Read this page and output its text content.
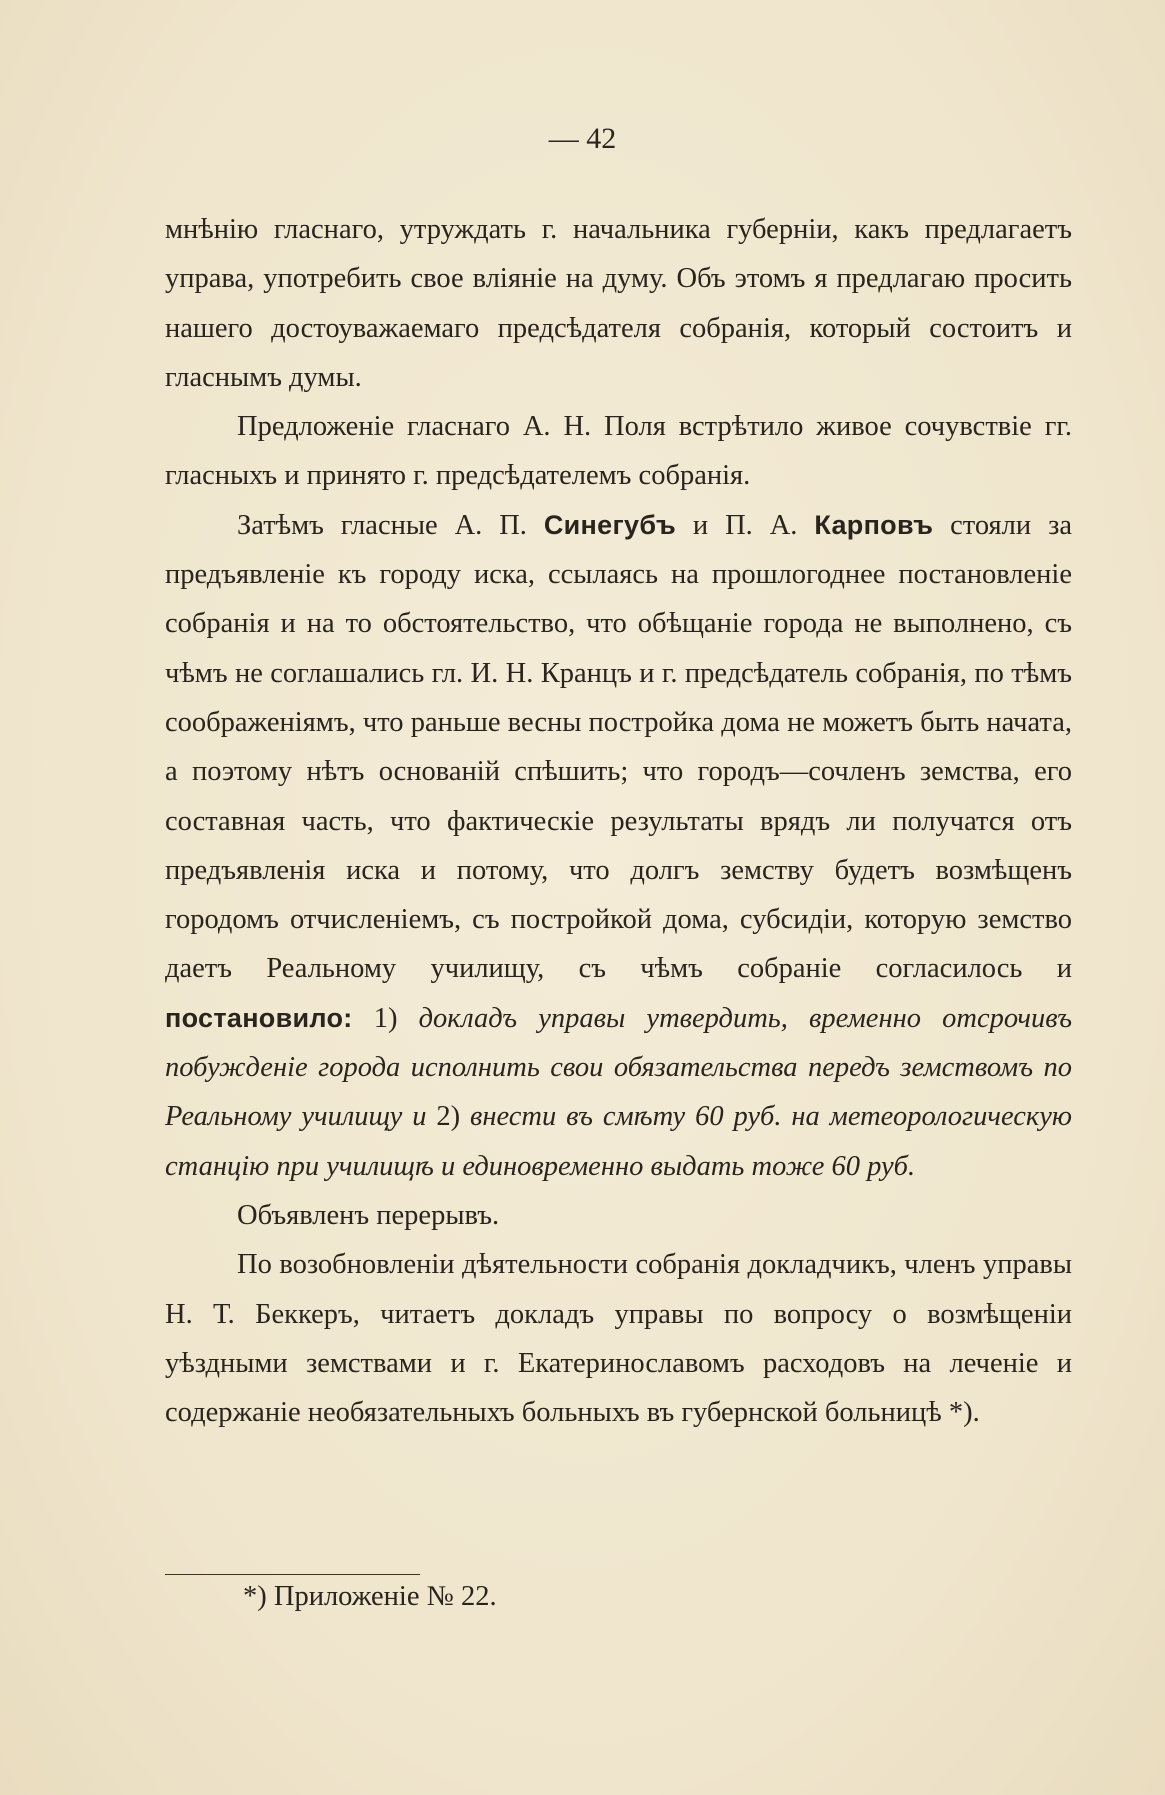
— 42

мнѣнію гласнаго, утруждать г. начальника губерніи, какъ предлагаетъ управа, употребить свое вліяніе на думу. Объ этомъ я предлагаю просить нашего достоуважаемаго предсѣдателя собранія, который состоитъ и гласнымъ думы.

Предложеніе гласнаго А. Н. Поля встрѣтило живое сочувствіе гг. гласныхъ и принято г. предсѣдателемъ собранія.

Затѣмъ гласные А. П. Синегубъ и П. А. Карповъ стояли за предъявленіе къ городу иска, ссылаясь на прошлогоднее постановленіе собранія и на то обстоятельство, что обѣщаніе города не выполнено, съ чѣмъ не соглашались гл. И. Н. Кранцъ и г. предсѣдатель собранія, по тѣмъ соображеніямъ, что раньше весны постройка дома не можетъ быть начата, а поэтому нѣтъ основаній спѣшить; что городъ—сочленъ земства, его составная часть, что фактическіе результаты врядъ ли получатся отъ предъявленія иска и потому, что долгъ земству будетъ возмѣщенъ городомъ отчисленіемъ, съ постройкой дома, субсидіи, которую земство даетъ Реальному училищу, съ чѣмъ собраніе согласилось и постановило: 1) докладъ управы утвердить, временно отсрочивъ побужденіе города исполнить свои обязательства передъ земствомъ по Реальному училищу и 2) внести въ смѣту 60 руб. на метеорологическую станцію при училищѣ и единовременно выдать тоже 60 руб.

Объявленъ перерывъ.

По возобновленіи дѣятельности собранія докладчикъ, членъ управы Н. Т. Беккеръ, читаетъ докладъ управы по вопросу о возмѣщеніи уѣздными земствами и г. Екатеринославомъ расходовъ на леченіе и содержаніе необязательныхъ больныхъ въ губернской больницѣ *).

*) Приложеніе № 22.
